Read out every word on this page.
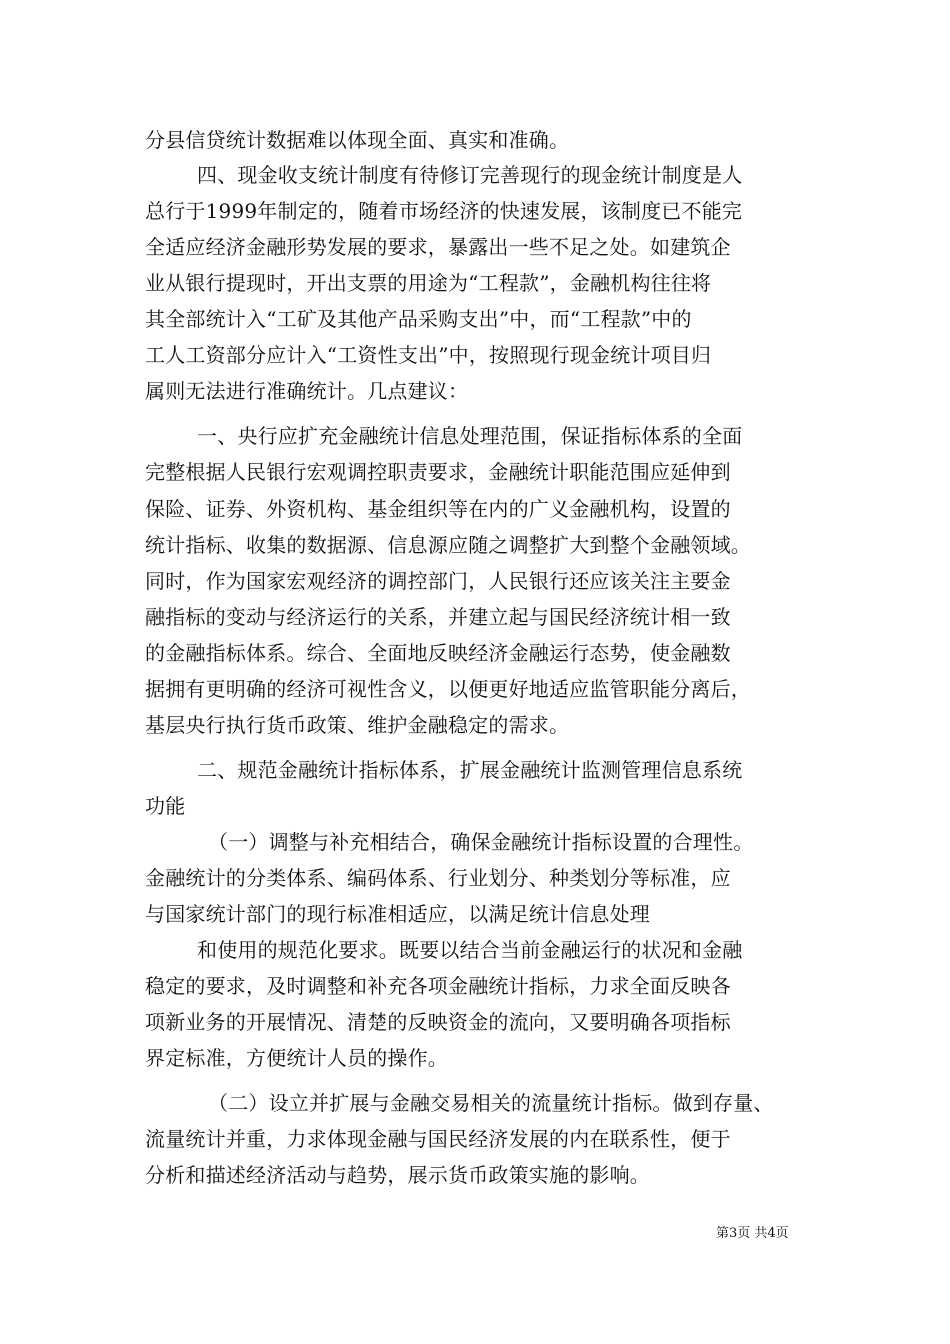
分县信贷统计数据难以体现全面、真实和准确。
四、现金收支统计制度有待修订完善现行的现金统计制度是人
总行于1999年制定的，随着市场经济的快速发展，该制度已不能完
全适应经济金融形势发展的要求，暴露出一些不足之处。如建筑企
业从银行提现时，开出支票的用途为“工程款”，金融机构往往将
其全部统计入“工矿及其他产品采购支出”中，而“工程款”中的
工人工资部分应计入“工资性支出”中，按照现行现金统计项目归
属则无法进行准确统计。几点建议：
一、央行应扩充金融统计信息处理范围，保证指标体系的全面
完整根据人民银行宏观调控职责要求，金融统计职能范围应延伸到
保险、证券、外资机构、基金组织等在内的广义金融机构，设置的
统计指标、收集的数据源、信息源应随之调整扩大到整个金融领域。
同时，作为国家宏观经济的调控部门，人民银行还应该关注主要金
融指标的变动与经济运行的关系，并建立起与国民经济统计相一致
的金融指标体系。综合、全面地反映经济金融运行态势，使金融数
据拥有更明确的经济可视性含义，以便更好地适应监管职能分离后，
基层央行执行货币政策、维护金融稳定的需求。
二、规范金融统计指标体系，扩展金融统计监测管理信息系统
功能
（一）调整与补充相结合，确保金融统计指标设置的合理性。
金融统计的分类体系、编码体系、行业划分、种类划分等标准，应
与国家统计部门的现行标准相适应，以满足统计信息处理
和使用的规范化要求。既要以结合当前金融运行的状况和金融
稳定的要求，及时调整和补充各项金融统计指标，力求全面反映各
项新业务的开展情况、清楚的反映资金的流向，又要明确各项指标
界定标准，方便统计人员的操作。
（二）设立并扩展与金融交易相关的流量统计指标。做到存量、
流量统计并重，力求体现金融与国民经济发展的内在联系性，便于
分析和描述经济活动与趋势，展示货币政策实施的影响。
第3页 共4页
